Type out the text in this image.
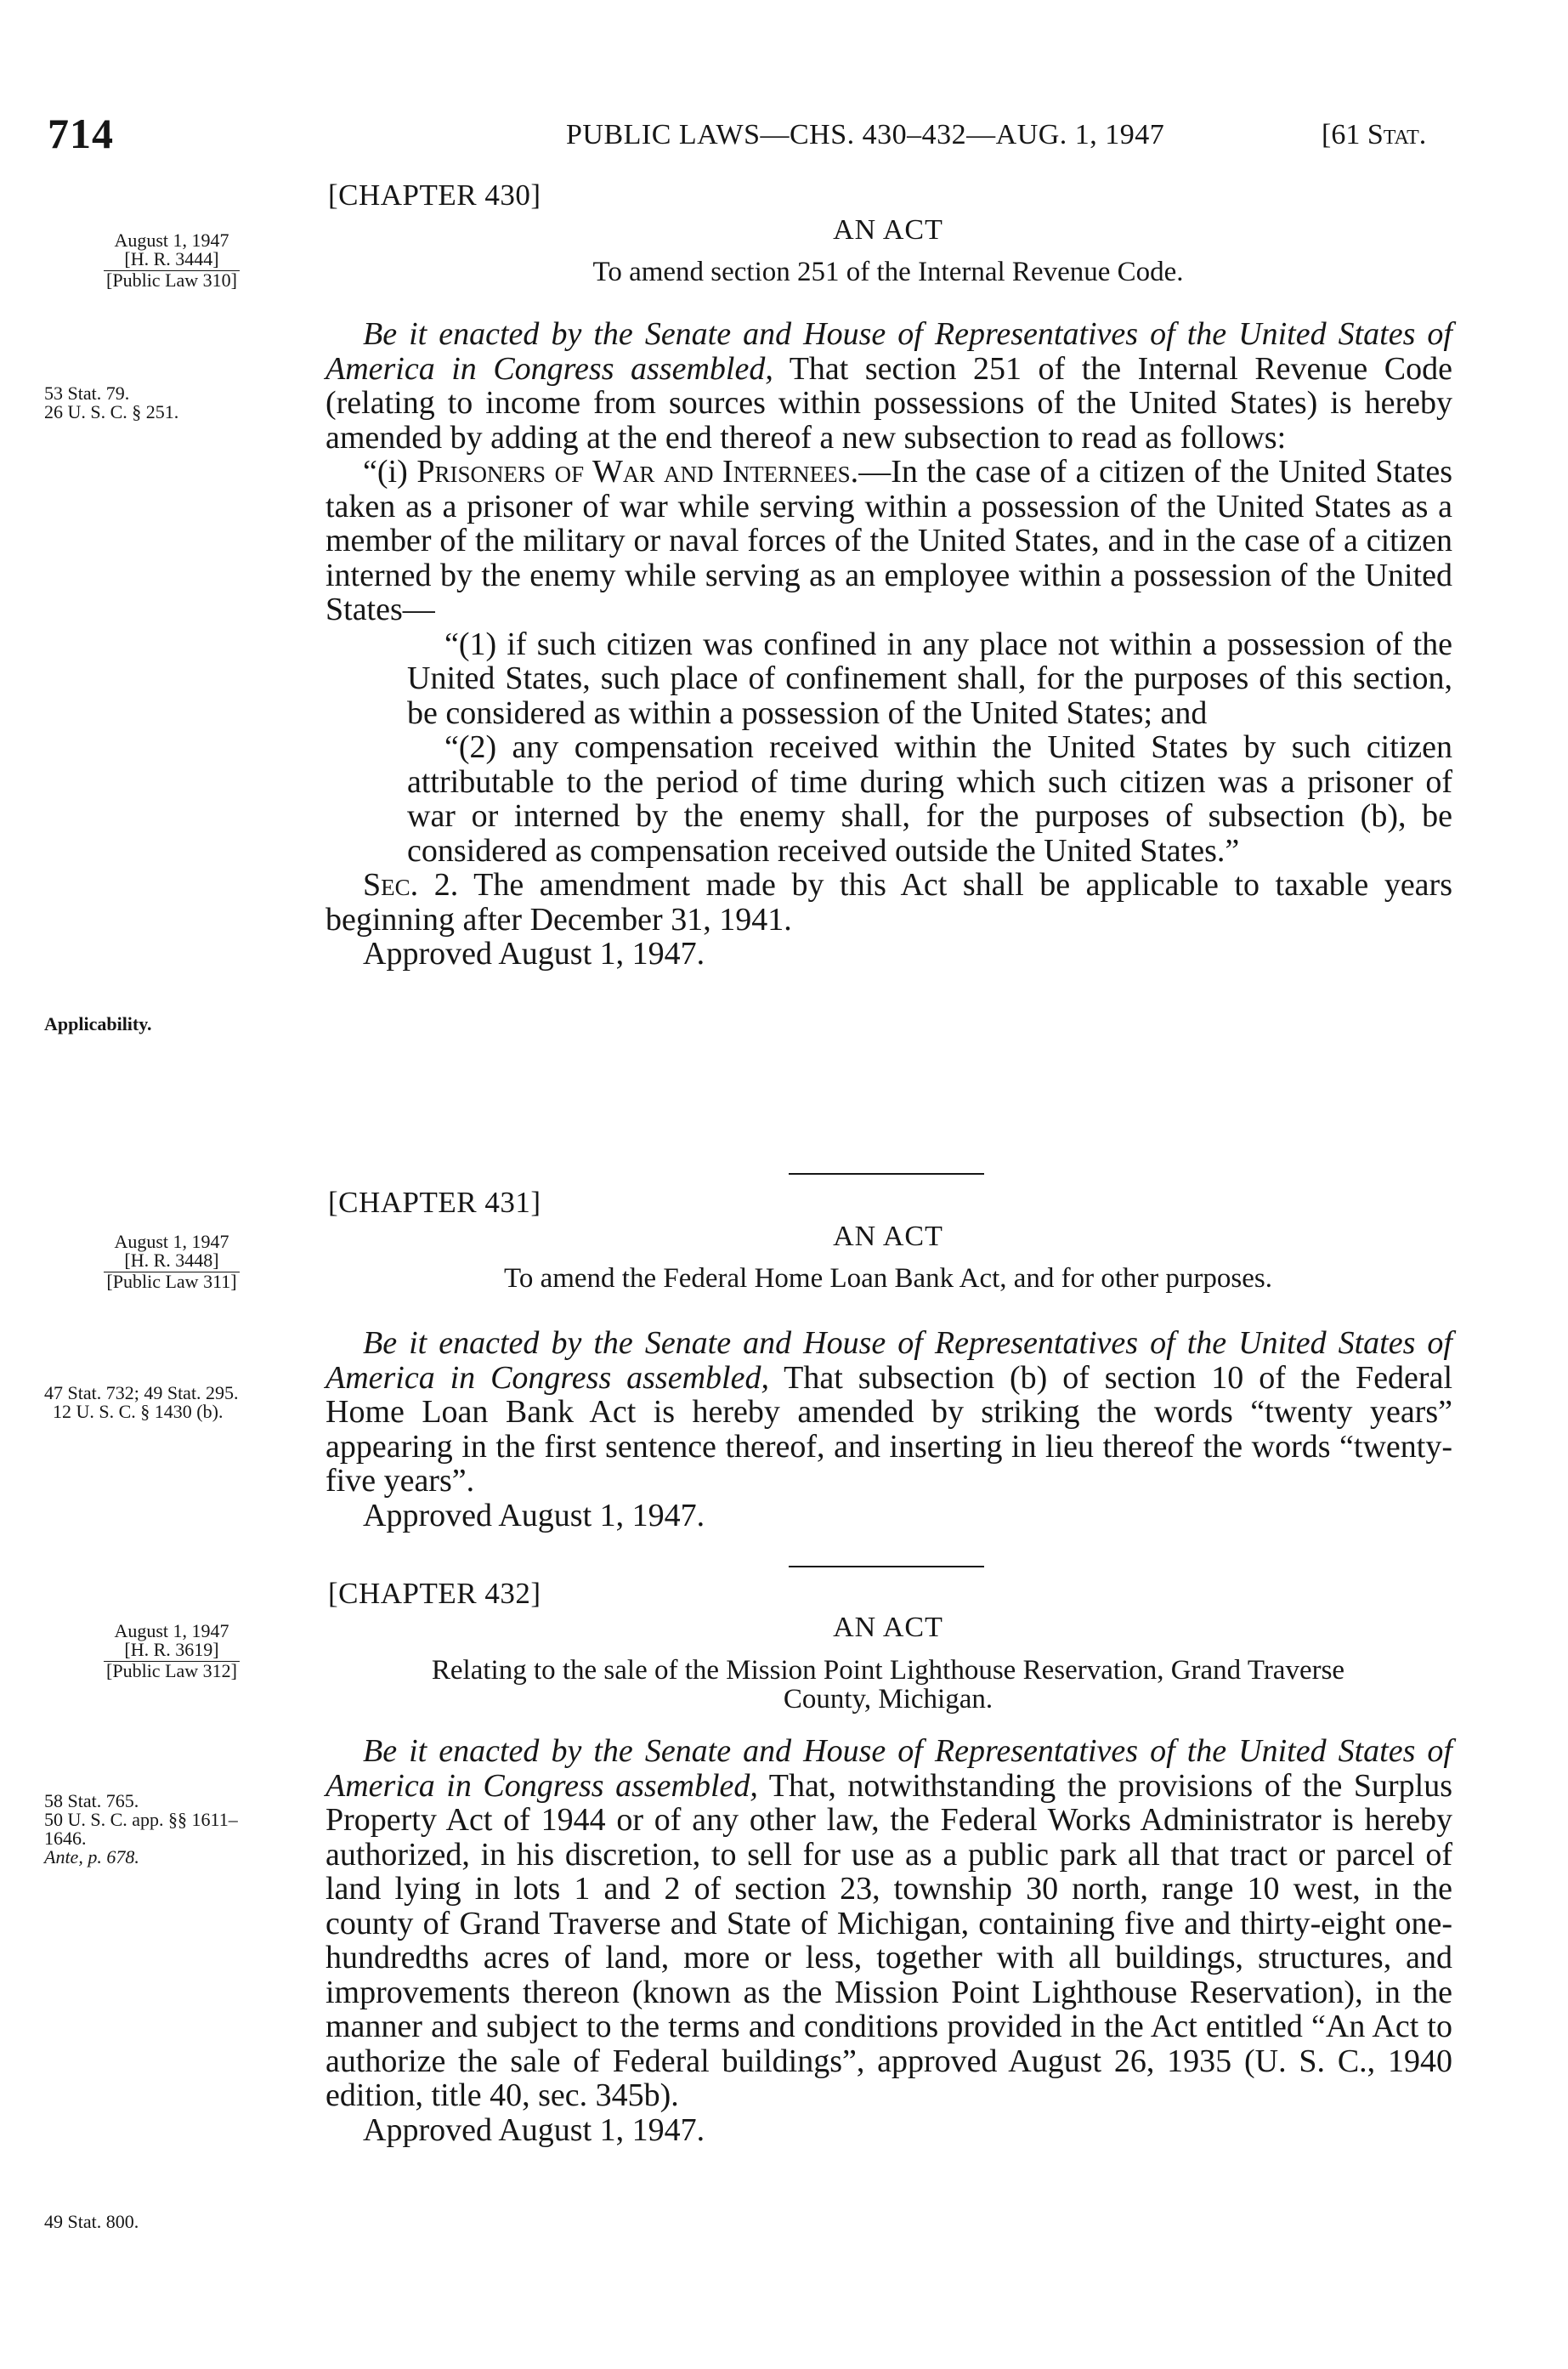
714	PUBLIC LAWS—CHS. 430–432—AUG. 1, 1947	[61 Stat.
[CHAPTER 430]
AN ACT
To amend section 251 of the Internal Revenue Code.
August 1, 1947
[H. R. 3444]
[Public Law 310]
53 Stat. 79.
26 U. S. C. § 251.
Applicability.

Be it enacted by the Senate and House of Representatives of the United States of America in Congress assembled, That section 251 of the Internal Revenue Code (relating to income from sources within possessions of the United States) is hereby amended by adding at the end thereof a new subsection to read as follows:

“(i) Prisoners of War and Internees.—In the case of a citizen of the United States taken as a prisoner of war while serving within a possession of the United States as a member of the military or naval forces of the United States, and in the case of a citizen interned by the enemy while serving as an employee within a possession of the United States—

“(1) if such citizen was confined in any place not within a possession of the United States, such place of confinement shall, for the purposes of this section, be considered as within a possession of the United States; and

“(2) any compensation received within the United States by such citizen attributable to the period of time during which such citizen was a prisoner of war or interned by the enemy shall, for the purposes of subsection (b), be considered as compensation received outside the United States.”

Sec. 2. The amendment made by this Act shall be applicable to taxable years beginning after December 31, 1941.

Approved August 1, 1947.

[CHAPTER 431]
AN ACT
To amend the Federal Home Loan Bank Act, and for other purposes.
August 1, 1947
[H. R. 3448]
[Public Law 311]
47 Stat. 732; 49 Stat. 295.
12 U. S. C. § 1430 (b).

Be it enacted by the Senate and House of Representatives of the United States of America in Congress assembled, That subsection (b) of section 10 of the Federal Home Loan Bank Act is hereby amended by striking the words “twenty years” appearing in the first sentence thereof, and inserting in lieu thereof the words “twenty-five years”.

Approved August 1, 1947.

[CHAPTER 432]
AN ACT
Relating to the sale of the Mission Point Lighthouse Reservation, Grand Traverse
County, Michigan.
August 1, 1947
[H. R. 3619]
[Public Law 312]
58 Stat. 765.
50 U. S. C. app. §§ 1611–1646.
Ante, p. 678.
49 Stat. 800.

Be it enacted by the Senate and House of Representatives of the United States of America in Congress assembled, That, notwithstanding the provisions of the Surplus Property Act of 1944 or of any other law, the Federal Works Administrator is hereby authorized, in his discretion, to sell for use as a public park all that tract or parcel of land lying in lots 1 and 2 of section 23, township 30 north, range 10 west, in the county of Grand Traverse and State of Michigan, containing five and thirty-eight one-hundredths acres of land, more or less, together with all buildings, structures, and improvements thereon (known as the Mission Point Lighthouse Reservation), in the manner and subject to the terms and conditions provided in the Act entitled “An Act to authorize the sale of Federal buildings”, approved August 26, 1935 (U. S. C., 1940 edition, title 40, sec. 345b).

Approved August 1, 1947.
